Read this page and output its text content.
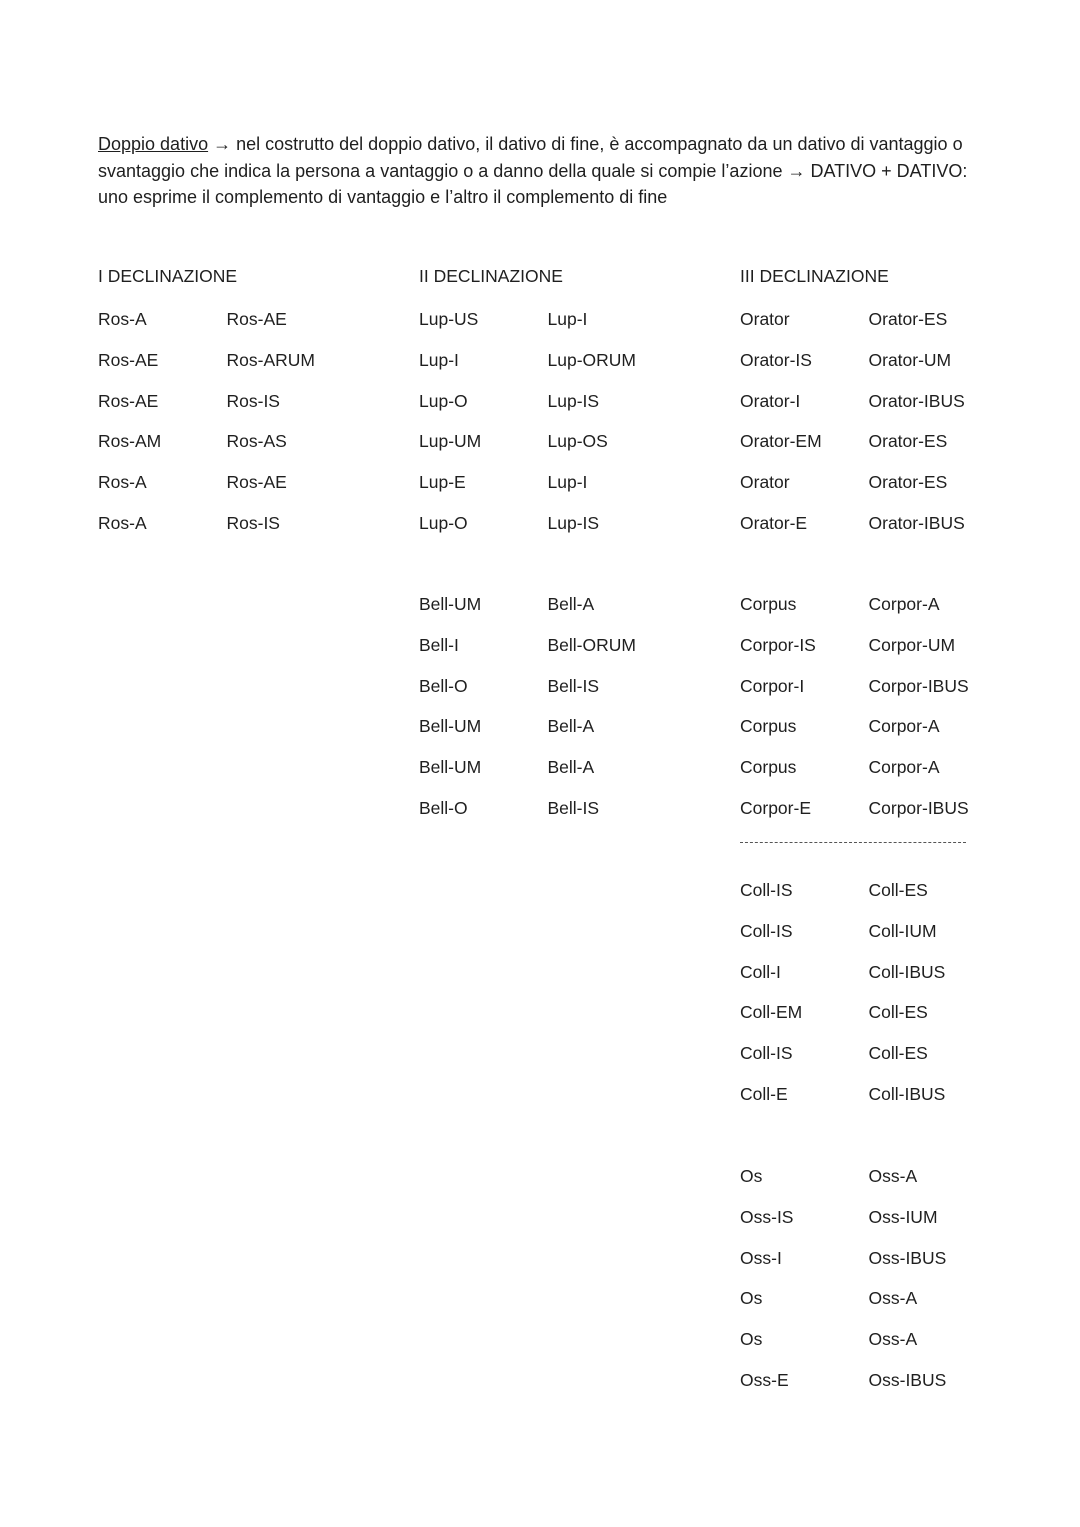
Doppio dativo → nel costrutto del doppio dativo, il dativo di fine, è accompagnato da un dativo di vantaggio o svantaggio che indica la persona a vantaggio o a danno della quale si compie l’azione → DATIVO + DATIVO: uno esprime il complemento di vantaggio e l’altro il complemento di fine
I DECLINAZIONE	II DECLINAZIONE	III DECLINAZIONE
Ros-A	Ros-AE
Ros-AE	Ros-ARUM
Ros-AE	Ros-IS
Ros-AM	Ros-AS
Ros-A	Ros-AE
Ros-A	Ros-IS
Lup-US	Lup-I
Lup-I	Lup-ORUM
Lup-O	Lup-IS
Lup-UM	Lup-OS
Lup-E	Lup-I
Lup-O	Lup-IS
Orator	Orator-ES
Orator-IS	Orator-UM
Orator-I	Orator-IBUS
Orator-EM	Orator-ES
Orator	Orator-ES
Orator-E	Orator-IBUS
Bell-UM	Bell-A
Bell-I	Bell-ORUM
Bell-O	Bell-IS
Bell-UM	Bell-A
Bell-UM	Bell-A
Bell-O	Bell-IS
Corpus	Corpor-A
Corpor-IS	Corpor-UM
Corpor-I	Corpor-IBUS
Corpus	Corpor-A
Corpus	Corpor-A
Corpor-E	Corpor-IBUS
Coll-IS	Coll-ES
Coll-IS	Coll-IUM
Coll-I	Coll-IBUS
Coll-EM	Coll-ES
Coll-IS	Coll-ES
Coll-E	Coll-IBUS
Os	Oss-A
Oss-IS	Oss-IUM
Oss-I	Oss-IBUS
Os	Oss-A
Os	Oss-A
Oss-E	Oss-IBUS
